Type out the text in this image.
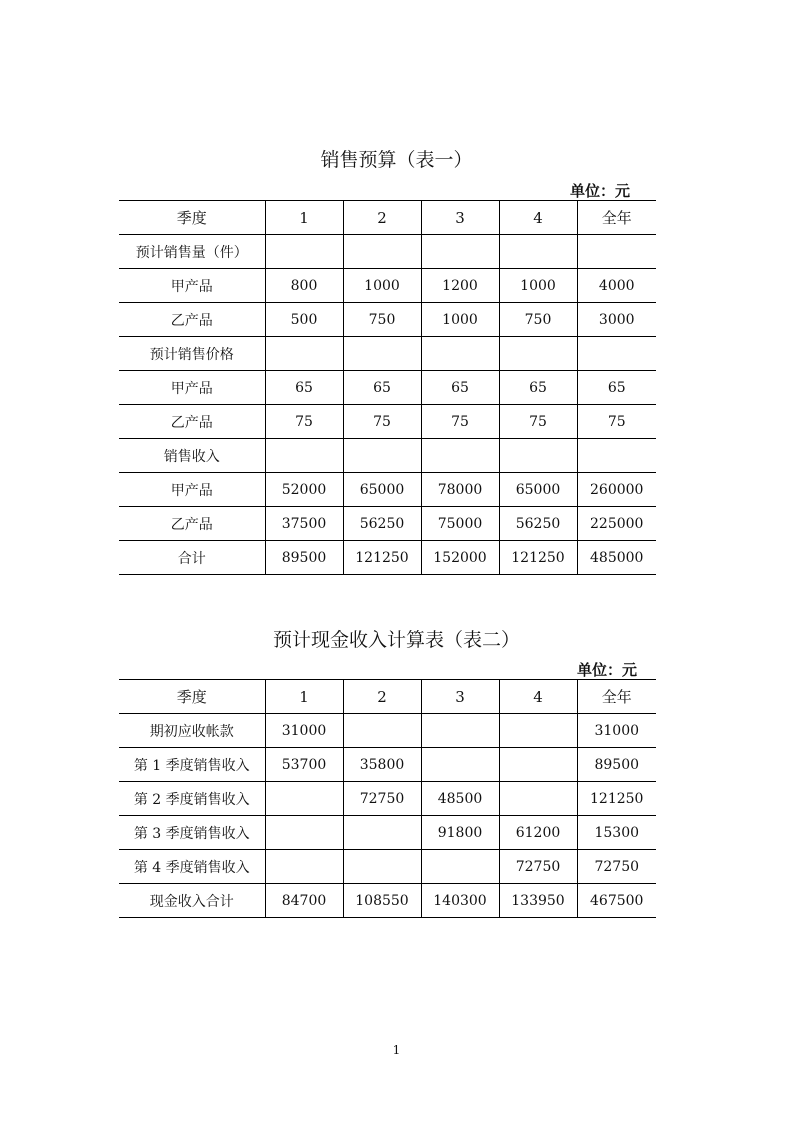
销售预算（表一）
单位：元
季度	1	2	3	4	全年
预计销售量（件）					
甲产品	800	1000	1200	1000	4000
乙产品	500	750	1000	750	3000
预计销售价格					
甲产品	65	65	65	65	65
乙产品	75	75	75	75	75
销售收入					
甲产品	52000	65000	78000	65000	260000
乙产品	37500	56250	75000	56250	225000
合计	89500	121250	152000	121250	485000
预计现金收入计算表（表二）
单位：元
季度	1	2	3	4	全年
期初应收帐款	31000				31000
第 1 季度销售收入	53700	35800			89500
第 2 季度销售收入		72750	48500		121250
第 3 季度销售收入			91800	61200	15300
第 4 季度销售收入				72750	72750
现金收入合计	84700	108550	140300	133950	467500
1
